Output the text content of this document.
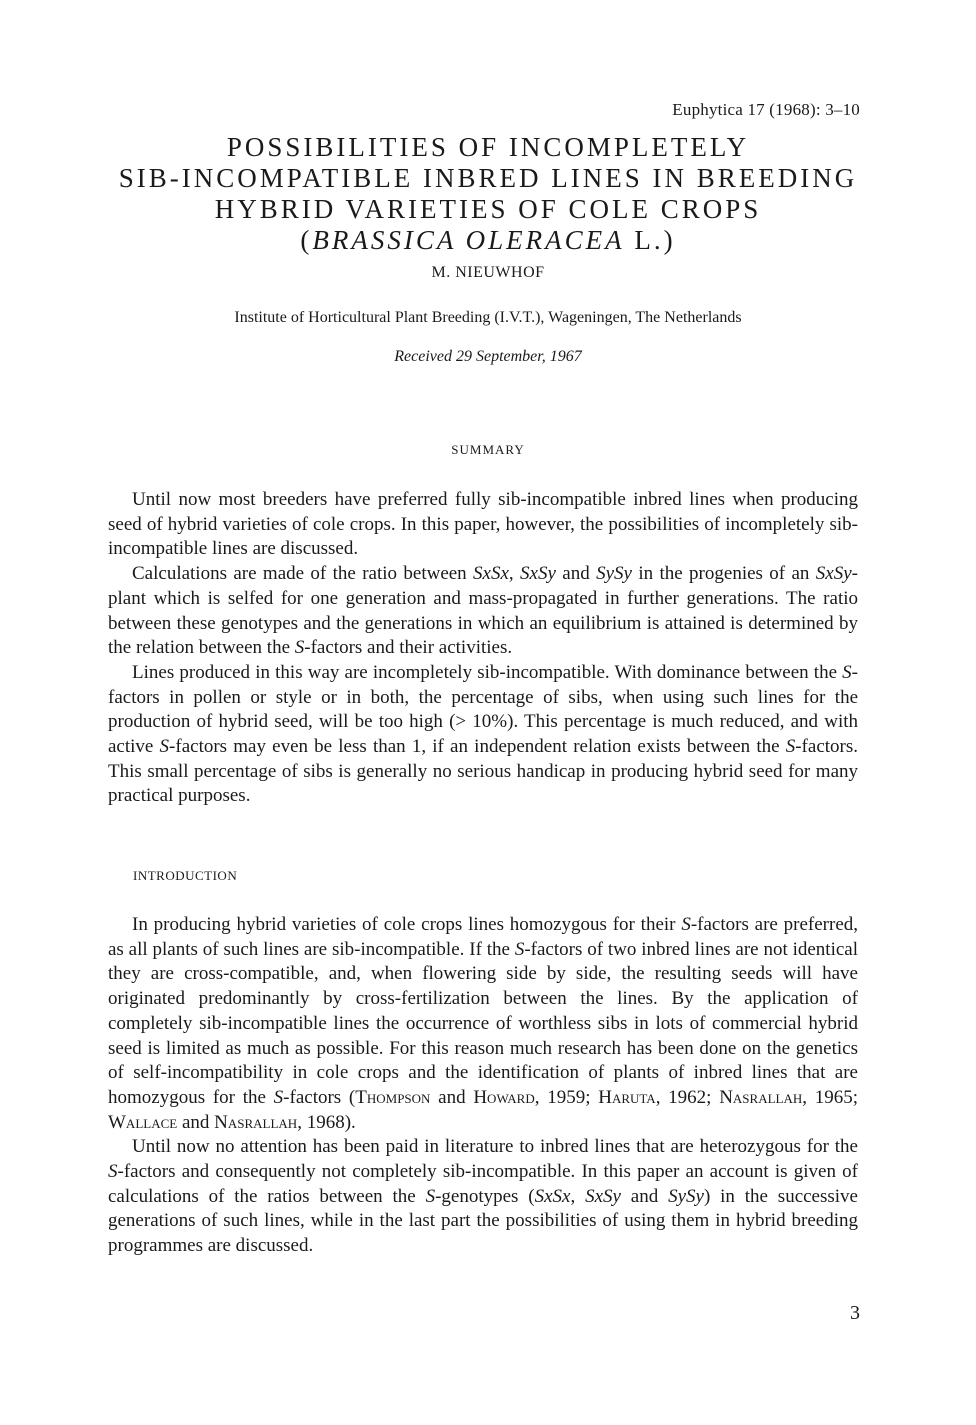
Euphytica 17 (1968): 3–10
POSSIBILITIES OF INCOMPLETELY
SIB-INCOMPATIBLE INBRED LINES IN BREEDING
HYBRID VARIETIES OF COLE CROPS
(BRASSICA OLERACEA L.)
M. NIEUWHOF
Institute of Horticultural Plant Breeding (I.V.T.), Wageningen, The Netherlands
Received 29 September, 1967
SUMMARY

Until now most breeders have preferred fully sib-incompatible inbred lines when producing seed of hybrid varieties of cole crops. In this paper, however, the possibilities of incompletely sib-incompatible lines are discussed.

Calculations are made of the ratio between SxSx, SxSy and SySy in the progenies of an SxSy-plant which is selfed for one generation and mass-propagated in further generations. The ratio between these genotypes and the generations in which an equilibrium is attained is determined by the relation between the S-factors and their activities.

Lines produced in this way are incompletely sib-incompatible. With dominance between the S-factors in pollen or style or in both, the percentage of sibs, when using such lines for the production of hybrid seed, will be too high (> 10%). This percentage is much reduced, and with active S-factors may even be less than 1, if an independent relation exists between the S-factors. This small percentage of sibs is generally no serious handicap in producing hybrid seed for many practical purposes.

INTRODUCTION

In producing hybrid varieties of cole crops lines homozygous for their S-factors are preferred, as all plants of such lines are sib-incompatible. If the S-factors of two inbred lines are not identical they are cross-compatible, and, when flowering side by side, the resulting seeds will have originated predominantly by cross-fertilization between the lines. By the application of completely sib-incompatible lines the occurrence of worthless sibs in lots of commercial hybrid seed is limited as much as possible. For this reason much research has been done on the genetics of self-incompatibility in cole crops and the identification of plants of inbred lines that are homozygous for the S-factors (Thompson and Howard, 1959; Haruta, 1962; Nasrallah, 1965; Wallace and Nasrallah, 1968).

Until now no attention has been paid in literature to inbred lines that are heterozygous for the S-factors and consequently not completely sib-incompatible. In this paper an account is given of calculations of the ratios between the S-genotypes (SxSx, SxSy and SySy) in the successive generations of such lines, while in the last part the possibilities of using them in hybrid breeding programmes are discussed.

3
